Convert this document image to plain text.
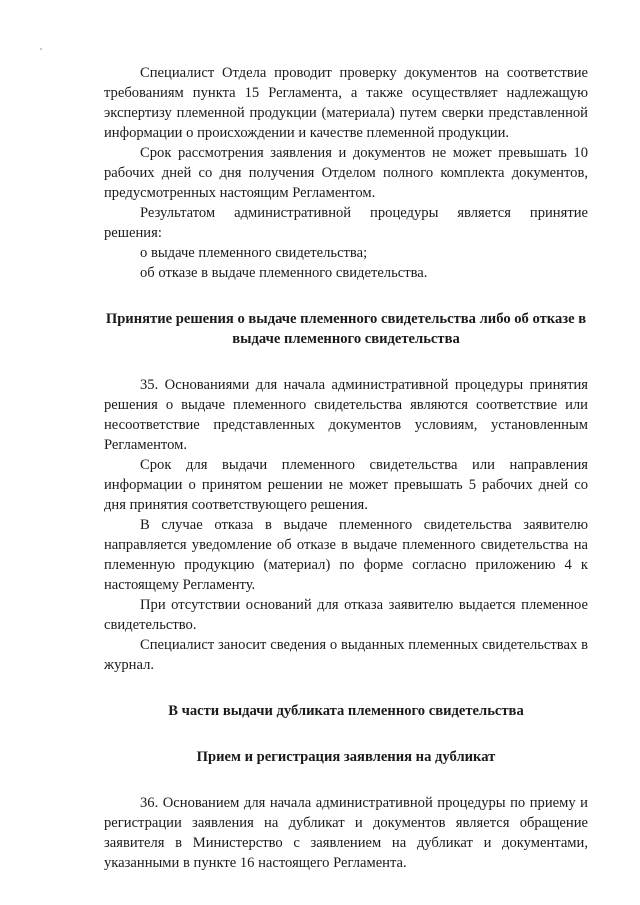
Специалист Отдела проводит проверку документов на соответствие требованиям пункта 15 Регламента, а также осуществляет надлежащую экспертизу племенной продукции (материала) путем сверки представленной информации о происхождении и качестве племенной продукции.

Срок рассмотрения заявления и документов не может превышать 10 рабочих дней со дня получения Отделом полного комплекта документов, предусмотренных настоящим Регламентом.

Результатом административной процедуры является принятие решения:

о выдаче племенного свидетельства;

об отказе в выдаче племенного свидетельства.

Принятие решения о выдаче племенного свидетельства либо об отказе в выдаче племенного свидетельства

35. Основаниями для начала административной процедуры принятия решения о выдаче племенного свидетельства являются соответствие или несоответствие представленных документов условиям, установленным Регламентом.

Срок для выдачи племенного свидетельства или направления информации о принятом решении не может превышать 5 рабочих дней со дня принятия соответствующего решения.

В случае отказа в выдаче племенного свидетельства заявителю направляется уведомление об отказе в выдаче племенного свидетельства на племенную продукцию (материал) по форме согласно приложению 4 к настоящему Регламенту.

При отсутствии оснований для отказа заявителю выдается племенное свидетельство.

Специалист заносит сведения о выданных племенных свидетельствах в журнал.

В части выдачи дубликата племенного свидетельства

Прием и регистрация заявления на дубликат

36. Основанием для начала административной процедуры по приему и регистрации заявления на дубликат и документов является обращение заявителя в Министерство с заявлением на дубликат и документами, указанными в пункте 16 настоящего Регламента.
